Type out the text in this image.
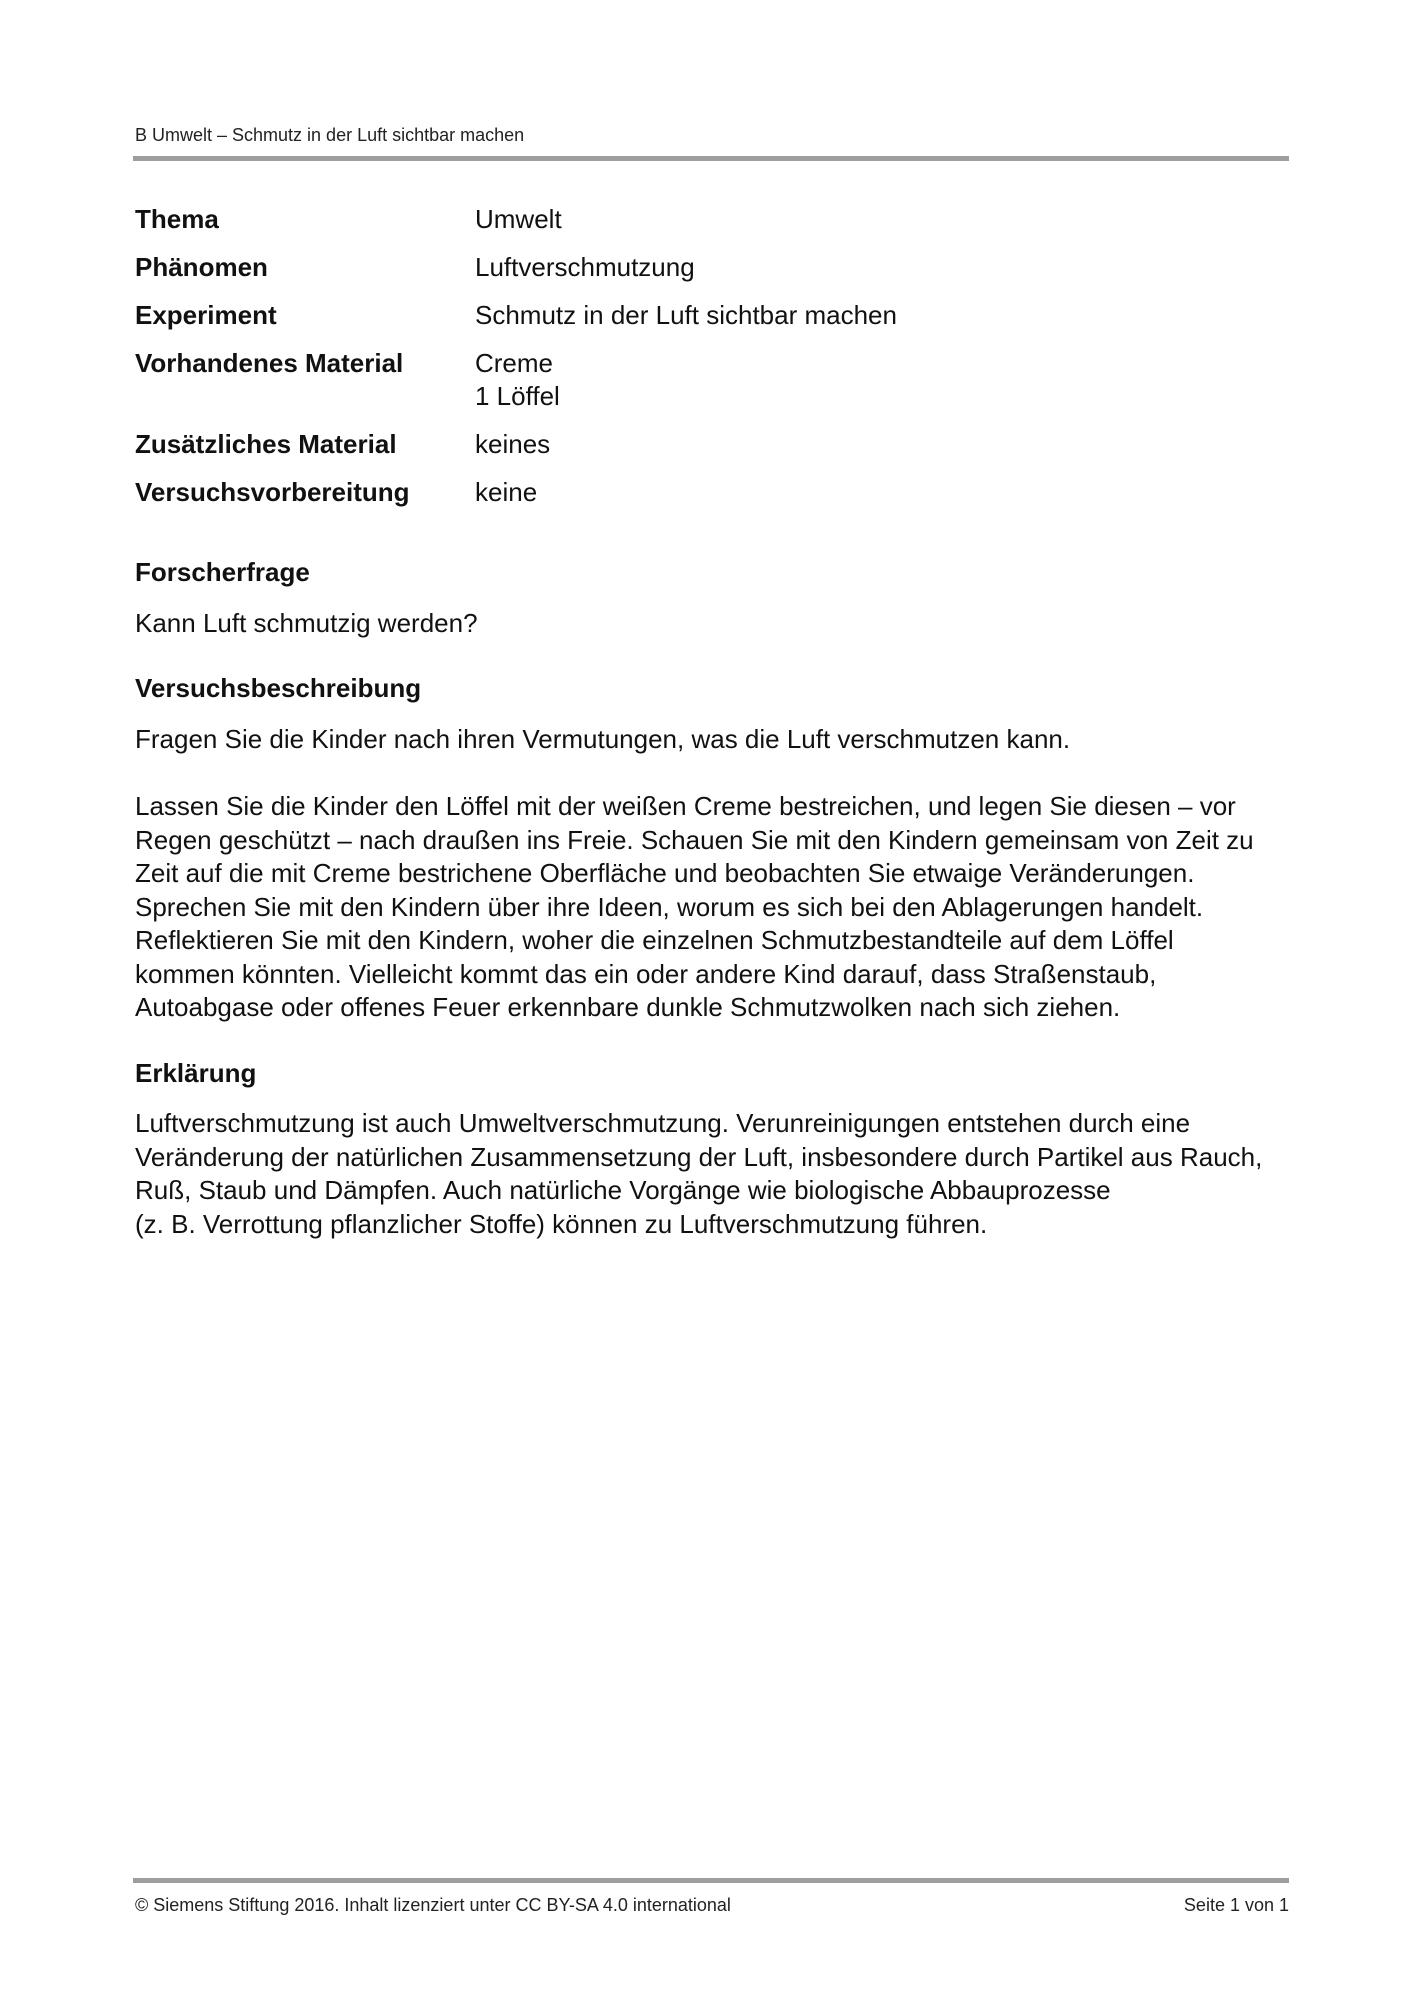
B Umwelt – Schmutz in der Luft sichtbar machen
Thema	Umwelt
Phänomen	Luftverschmutzung
Experiment	Schmutz in der Luft sichtbar machen
Vorhandenes Material	Creme
1 Löffel
Zusätzliches Material	keines
Versuchsvorbereitung	keine
Forscherfrage
Kann Luft schmutzig werden?
Versuchsbeschreibung
Fragen Sie die Kinder nach ihren Vermutungen, was die Luft verschmutzen kann.
Lassen Sie die Kinder den Löffel mit der weißen Creme bestreichen, und legen Sie diesen – vor
Regen geschützt – nach draußen ins Freie. Schauen Sie mit den Kindern gemeinsam von Zeit zu
Zeit auf die mit Creme bestrichene Oberfläche und beobachten Sie etwaige Veränderungen.
Sprechen Sie mit den Kindern über ihre Ideen, worum es sich bei den Ablagerungen handelt.
Reflektieren Sie mit den Kindern, woher die einzelnen Schmutzbestandteile auf dem Löffel
kommen könnten. Vielleicht kommt das ein oder andere Kind darauf, dass Straßenstaub,
Autoabgase oder offenes Feuer erkennbare dunkle Schmutzwolken nach sich ziehen.
Erklärung
Luftverschmutzung ist auch Umweltverschmutzung. Verunreinigungen entstehen durch eine
Veränderung der natürlichen Zusammensetzung der Luft, insbesondere durch Partikel aus Rauch,
Ruß, Staub und Dämpfen. Auch natürliche Vorgänge wie biologische Abbauprozesse
(z. B. Verrottung pflanzlicher Stoffe) können zu Luftverschmutzung führen.
© Siemens Stiftung 2016. Inhalt lizenziert unter CC BY-SA 4.0 international	Seite 1 von 1
